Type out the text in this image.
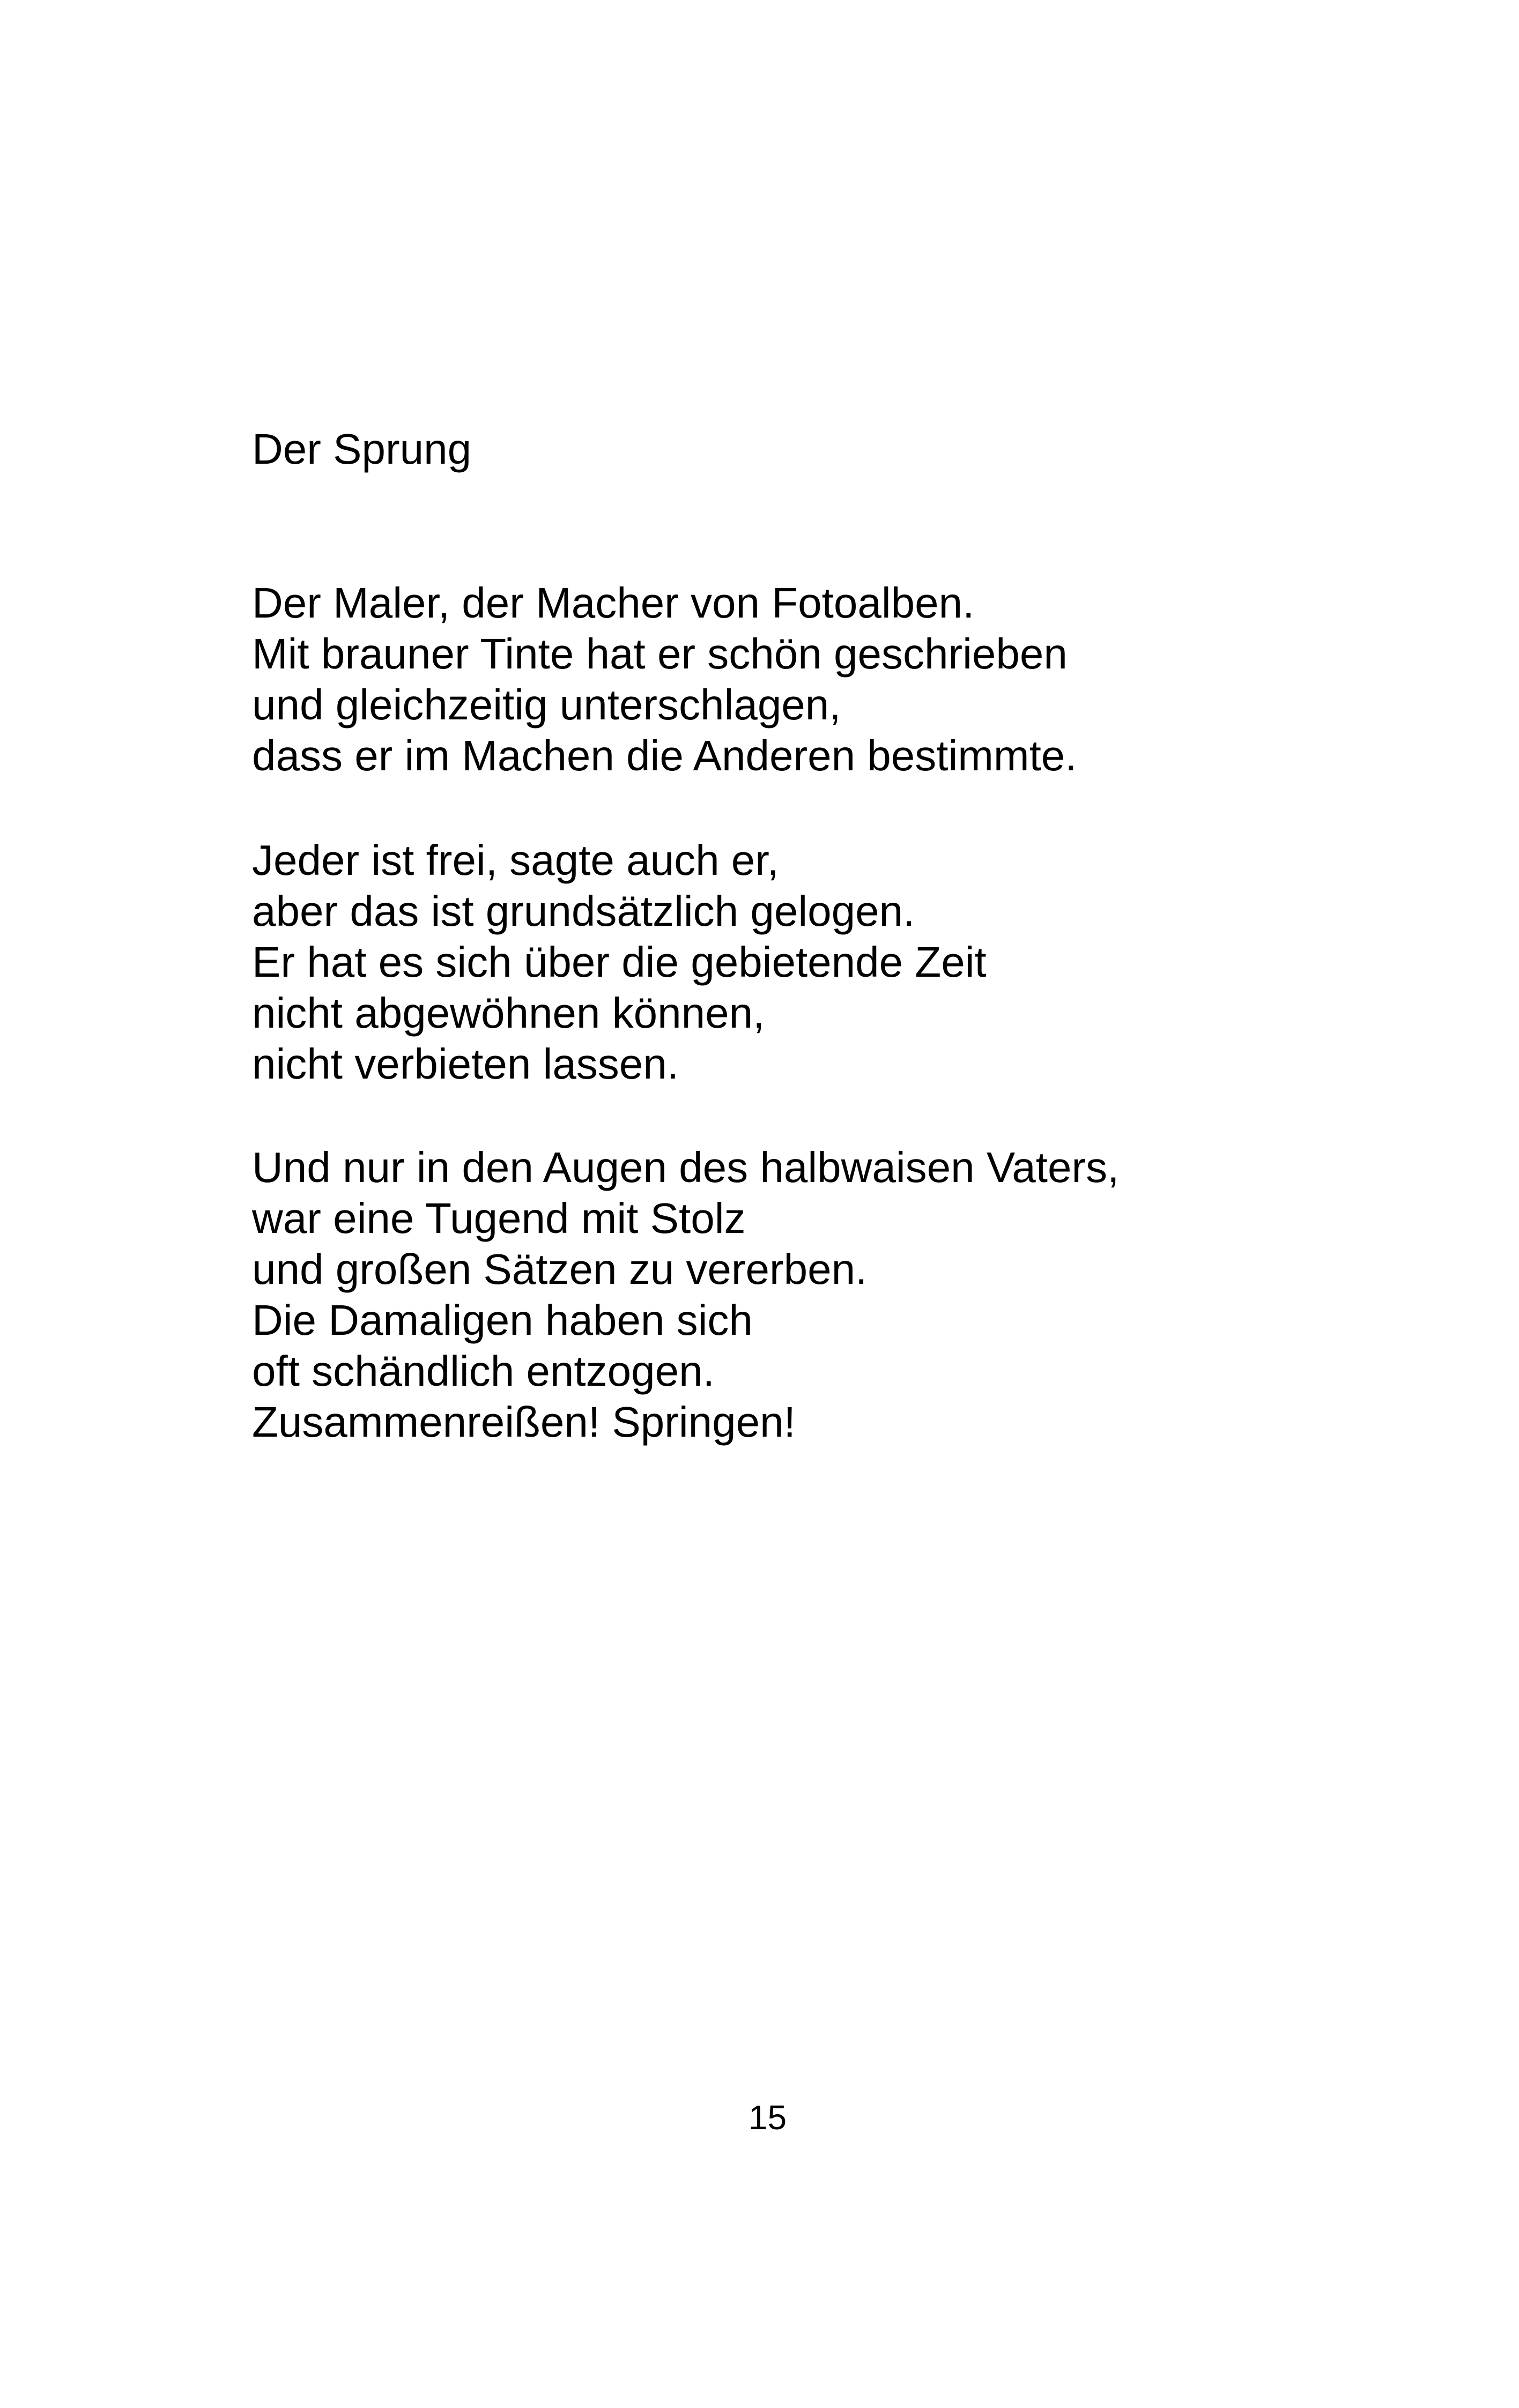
Der Sprung

Der Maler, der Macher von Fotoalben.
Mit brauner Tinte hat er schön geschrieben
und gleichzeitig unterschlagen,
dass er im Machen die Anderen bestimmte.

Jeder ist frei, sagte auch er,
aber das ist grundsätzlich gelogen.
Er hat es sich über die gebietende Zeit
nicht abgewöhnen können,
nicht verbieten lassen.

Und nur in den Augen des halbwaisen Vaters,
war eine Tugend mit Stolz
und großen Sätzen zu vererben.
Die Damaligen haben sich
oft schändlich entzogen.
Zusammenreißen! Springen!

15
